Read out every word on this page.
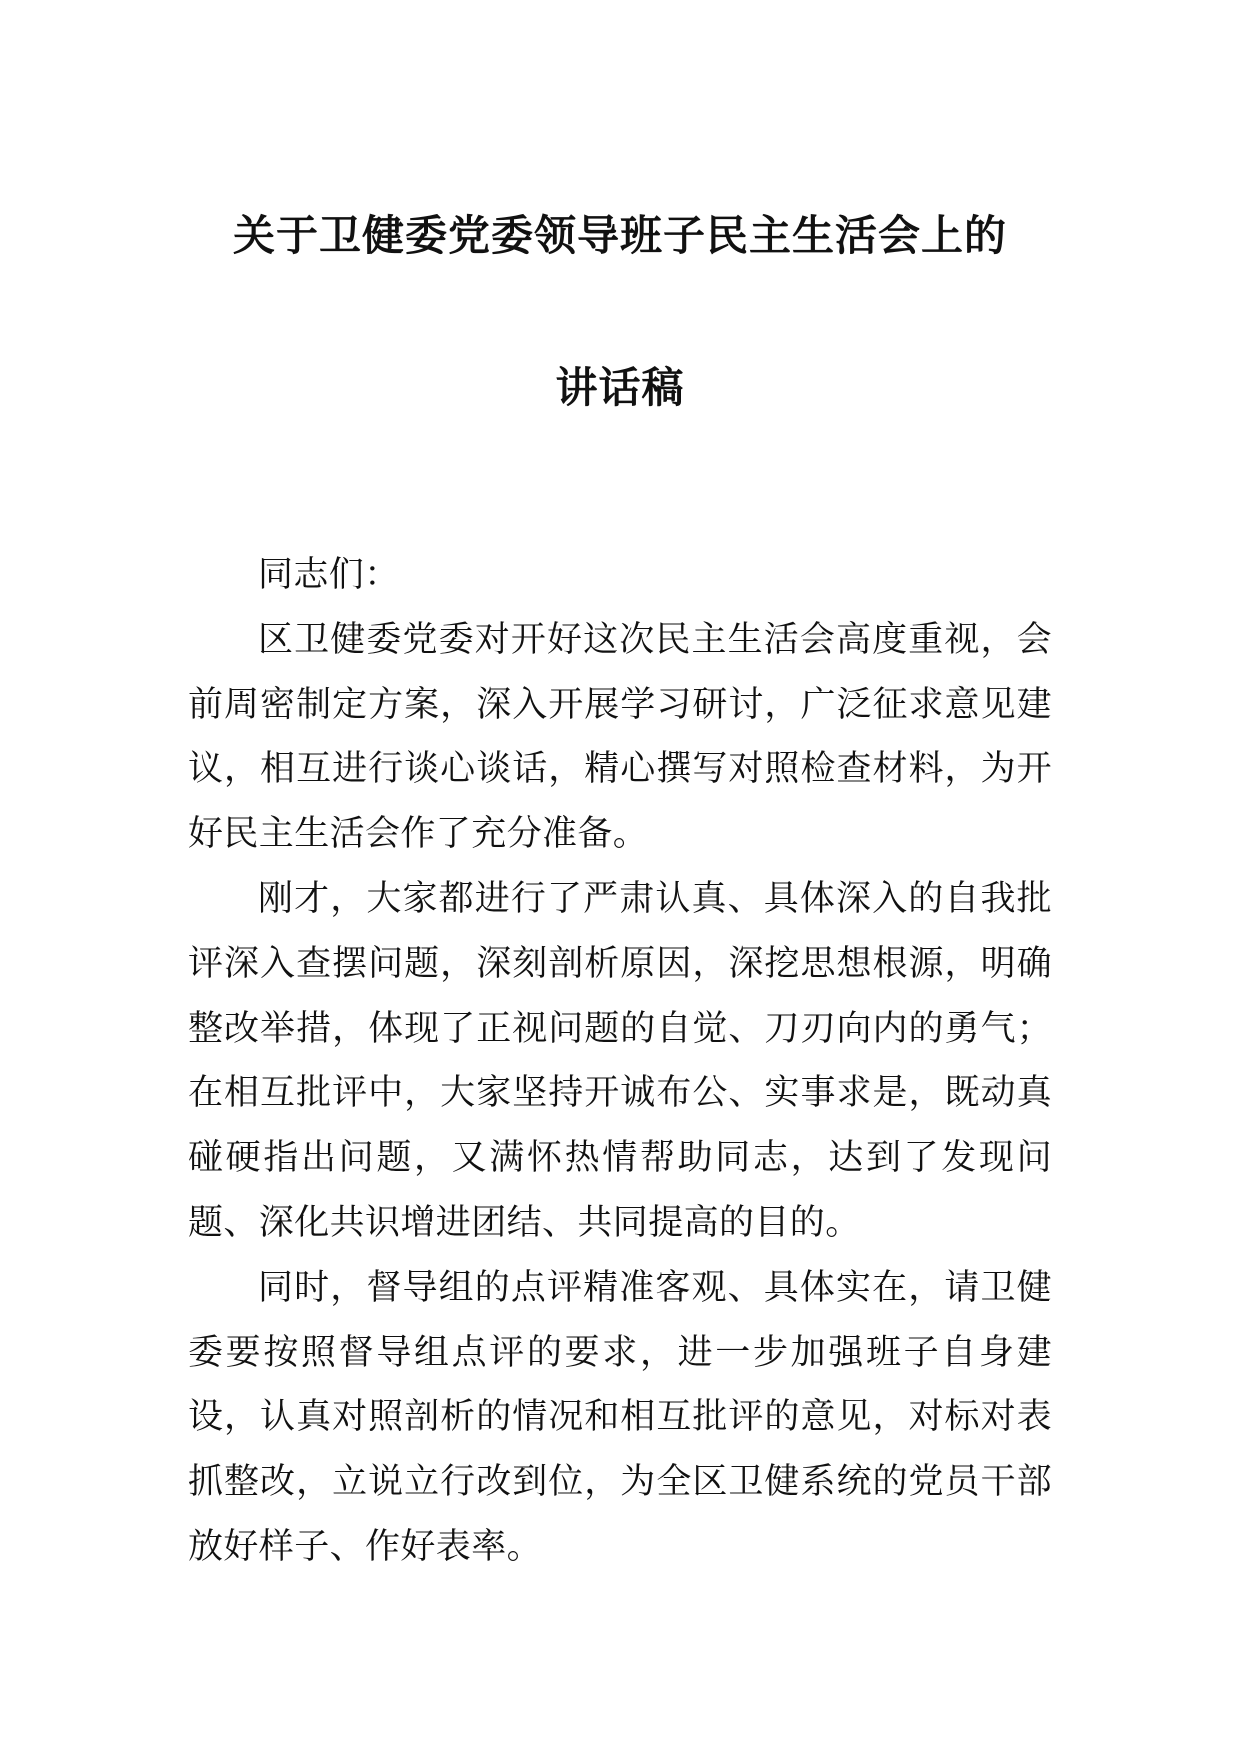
关于卫健委党委领导班子民主生活会上的
讲话稿

同志们：

区卫健委党委对开好这次民主生活会高度重视，会前周密制定方案，深入开展学习研讨，广泛征求意见建议，相互进行谈心谈话，精心撰写对照检查材料，为开好民主生活会作了充分准备。

刚才，大家都进行了严肃认真、具体深入的自我批评深入查摆问题，深刻剖析原因，深挖思想根源，明确整改举措，体现了正视问题的自觉、刀刃向内的勇气；在相互批评中，大家坚持开诚布公、实事求是，既动真碰硬指出问题，又满怀热情帮助同志，达到了发现问题、深化共识增进团结、共同提高的目的。

同时，督导组的点评精准客观、具体实在，请卫健委要按照督导组点评的要求，进一步加强班子自身建设，认真对照剖析的情况和相互批评的意见，对标对表抓整改，立说立行改到位，为全区卫健系统的党员干部放好样子、作好表率。
